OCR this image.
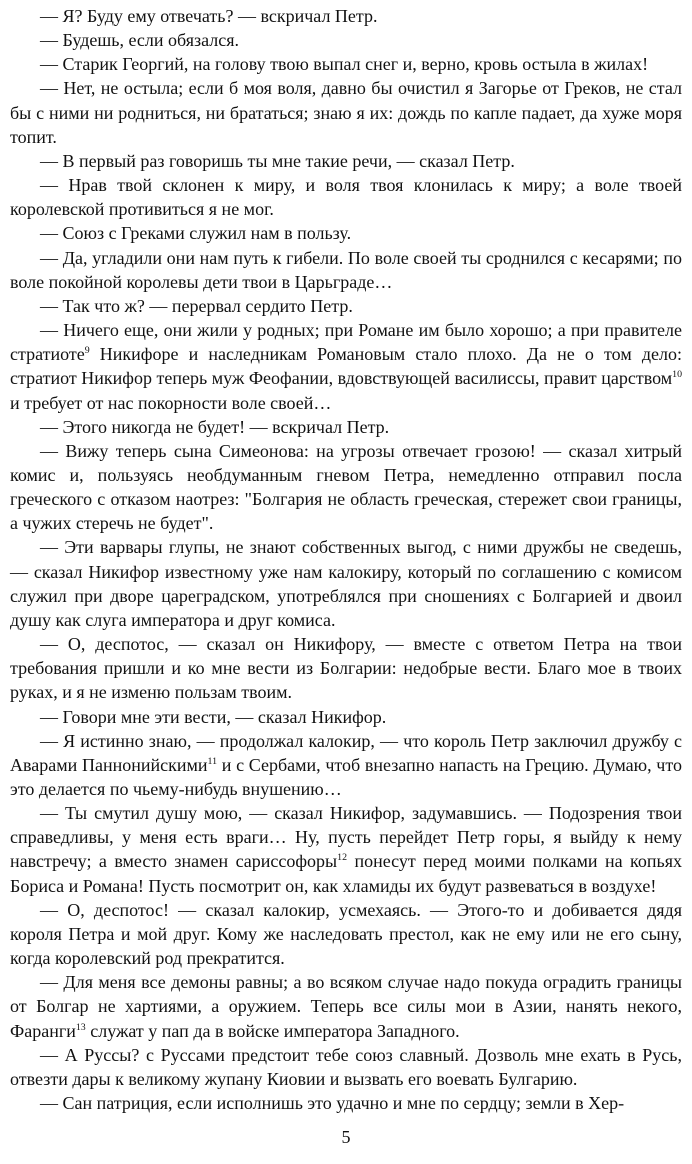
— Я? Буду ему отвечать? — вскричал Петр.

— Будешь, если обязался.

— Старик Георгий, на голову твою выпал снег и, верно, кровь остыла в жилах!

— Нет, не остыла; если б моя воля, давно бы очистил я Загорье от Греков, не стал бы с ними ни родниться, ни брататься; знаю я их: дождь по капле падает, да хуже моря топит.

— В первый раз говоришь ты мне такие речи, — сказал Петр.

— Нрав твой склонен к миру, и воля твоя клонилась к миру; а воле твоей королевской противиться я не мог.

— Союз с Греками служил нам в пользу.

— Да, угладили они нам путь к гибели. По воле своей ты сроднился с кесарями; по воле покойной королевы дети твои в Царьграде…

— Так что ж? — перервал сердито Петр.

— Ничего еще, они жили у родных; при Романе им было хорошо; а при правителе стратиоте$^9$ Никифоре и наследникам Романовым стало плохо. Да не о том дело: стратиот Никифор теперь муж Феофании, вдовствующей василиссы, правит царством$^{10}$ и требует от нас покорности воле своей…

— Этого никогда не будет! — вскричал Петр.

— Вижу теперь сына Симеонова: на угрозы отвечает грозою! — сказал хитрый комис и, пользуясь необдуманным гневом Петра, немедленно отправил посла греческого с отказом наотрез: "Болгария не область греческая, стережет свои границы, а чужих стеречь не будет".

— Эти варвары глупы, не знают собственных выгод, с ними дружбы не сведешь, — сказал Никифор известному уже нам калокиру, который по соглашению с комисом служил при дворе цареградском, употреблялся при сношениях с Болгарией и двоил душу как слуга императора и друг комиса.

— О, деспотос, — сказал он Никифору, — вместе с ответом Петра на твои требования пришли и ко мне вести из Болгарии: недобрые вести. Благо мое в твоих руках, и я не изменю пользам твоим.

— Говори мне эти вести, — сказал Никифор.

— Я истинно знаю, — продолжал калокир, — что король Петр заключил дружбу с Аварами Паннонийскими$^{11}$ и с Сербами, чтоб внезапно напасть на Грецию. Думаю, что это делается по чьему-нибудь внушению…

— Ты смутил душу мою, — сказал Никифор, задумавшись. — Подозрения твои справедливы, у меня есть враги… Ну, пусть перейдет Петр горы, я выйду к нему навстречу; а вместо знамен сариссофоры$^{12}$ понесут перед моими полками на копьях Бориса и Романа! Пусть посмотрит он, как хламиды их будут развеваться в воздухе!

— О, деспотос! — сказал калокир, усмехаясь. — Этого-то и добивается дядя короля Петра и мой друг. Кому же наследовать престол, как не ему или не его сыну, когда королевский род прекратится.

— Для меня все демоны равны; а во всяком случае надо покуда оградить границы от Болгар не хартиями, а оружием. Теперь все силы мои в Азии, нанять некого, Фаранги$^{13}$ служат у пап да в войске императора Западного.

— А Руссы? с Руссами предстоит тебе союз славный. Дозволь мне ехать в Русь, отвезти дары к великому жупану Киовии и вызвать его воевать Булгарию.

— Сан патриция, если исполнишь это удачно и мне по сердцу; земли в Хер-

5
